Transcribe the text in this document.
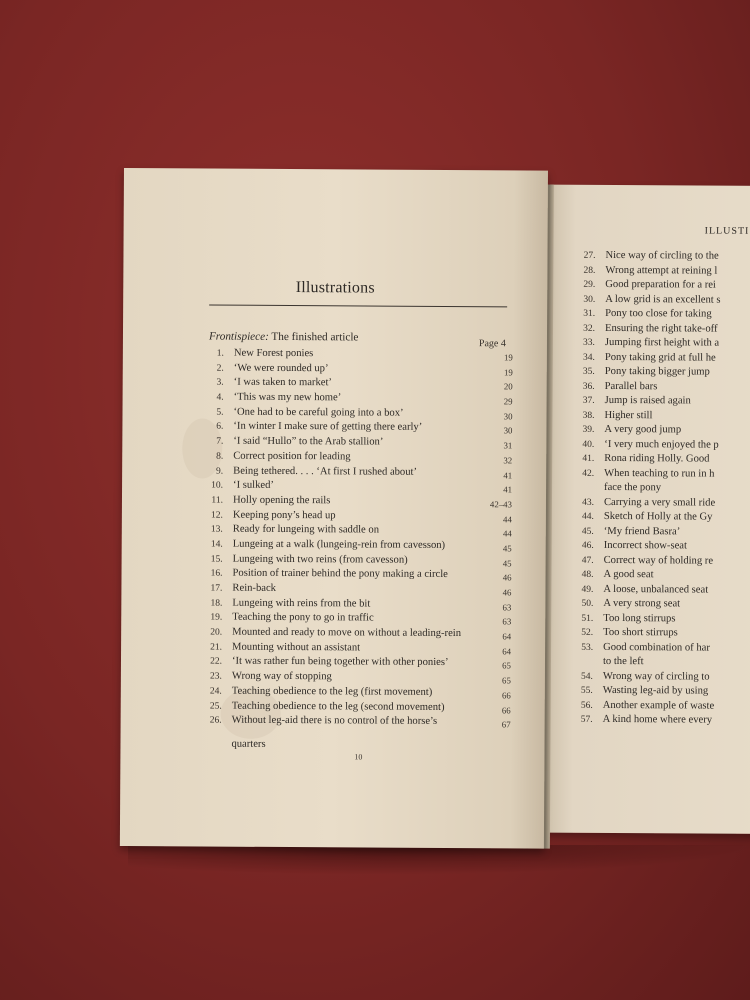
ILLUSTI
27. Nice way of circling to the
28. Wrong attempt at reining l
29. Good preparation for a rei
30. A low grid is an excellent s
31. Pony too close for taking
32. Ensuring the right take-off
33. Jumping first height with a
34. Pony taking grid at full he
35. Pony taking bigger jump
36. Parallel bars
37. Jump is raised again
38. Higher still
39. A very good jump
40. ‘I very much enjoyed the p
41. Rona riding Holly. Good
42. When teaching to run in h
face the pony
43. Carrying a very small ride
44. Sketch of Holly at the Gy
45. ‘My friend Basra’
46. Incorrect show-seat
47. Correct way of holding re
48. A good seat
49. A loose, unbalanced seat
50. A very strong seat
51. Too long stirrups
52. Too short stirrups
53. Good combination of har
to the left
54. Wrong way of circling to
55. Wasting leg-aid by using
56. Another example of waste
57. A kind home where every
Illustrations
Frontispiece: The finished article
Page 4
1. New Forest ponies	19
2. ‘We were rounded up’	19
3. ‘I was taken to market’	20
4. ‘This was my new home’	29
5. ‘One had to be careful going into a box’	30
6. ‘In winter I make sure of getting there early’	30
7. ‘I said “Hullo” to the Arab stallion’	31
8. Correct position for leading	32
9. Being tethered. . . . ‘At first I rushed about’	41
10. ‘I sulked’	41
11. Holly opening the rails	42–43
12. Keeping pony’s head up	44
13. Ready for lungeing with saddle on	44
14. Lungeing at a walk (lungeing-rein from cavesson)	45
15. Lungeing with two reins (from cavesson)	45
16. Position of trainer behind the pony making a circle	46
17. Rein-back	46
18. Lungeing with reins from the bit	63
19. Teaching the pony to go in traffic	63
20. Mounted and ready to move on without a leading-rein	64
21. Mounting without an assistant	64
22. ‘It was rather fun being together with other ponies’	65
23. Wrong way of stopping	65
24. Teaching obedience to the leg (first movement)	66
25. Teaching obedience to the leg (second movement)	66
26. Without leg-aid there is no control of the horse’s	67
quarters
10
